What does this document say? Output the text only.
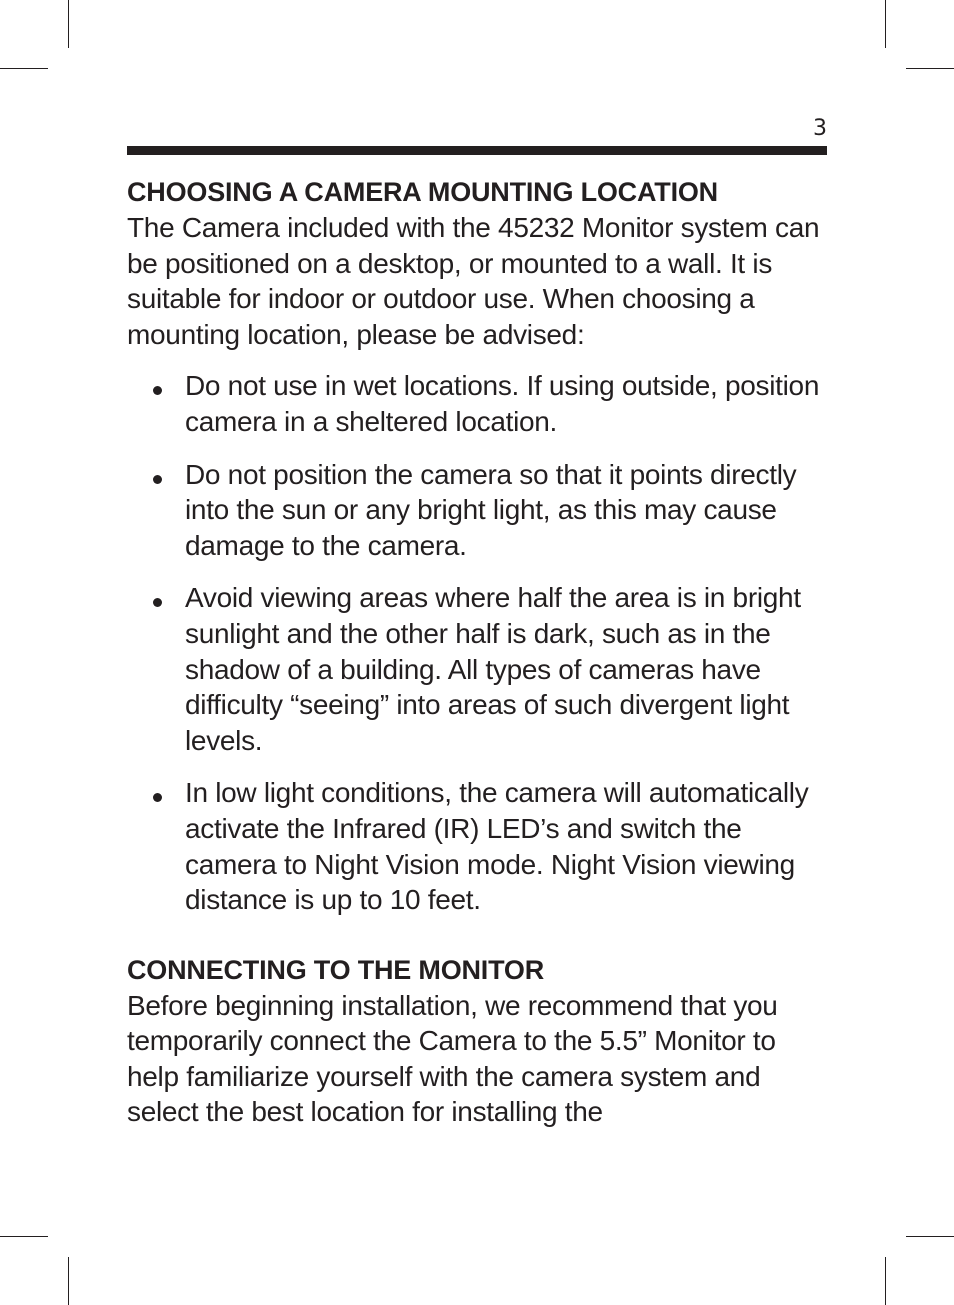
3
CHOOSING A CAMERA MOUNTING LOCATION

The Camera included with the 45232 Monitor system can be positioned on a desktop, or mounted to a wall. It is suitable for indoor or outdoor use. When choosing a mounting location, please be advised:

Do not use in wet locations. If using outside, position camera in a sheltered location.
Do not position the camera so that it points directly into the sun or any bright light, as this may cause damage to the camera.
Avoid viewing areas where half the area is in bright sunlight and the other half is dark, such as in the shadow of a building. All types of cameras have difficulty “seeing” into areas of such divergent light levels.
In low light conditions, the camera will automatically activate the Infrared (IR) LED’s and switch the camera to Night Vision mode. Night Vision viewing distance is up to 10 feet.
CONNECTING TO THE MONITOR

Before beginning installation, we recommend that you temporarily connect the Camera to the 5.5” Monitor to help familiarize yourself with the camera system and select the best location for installing the
